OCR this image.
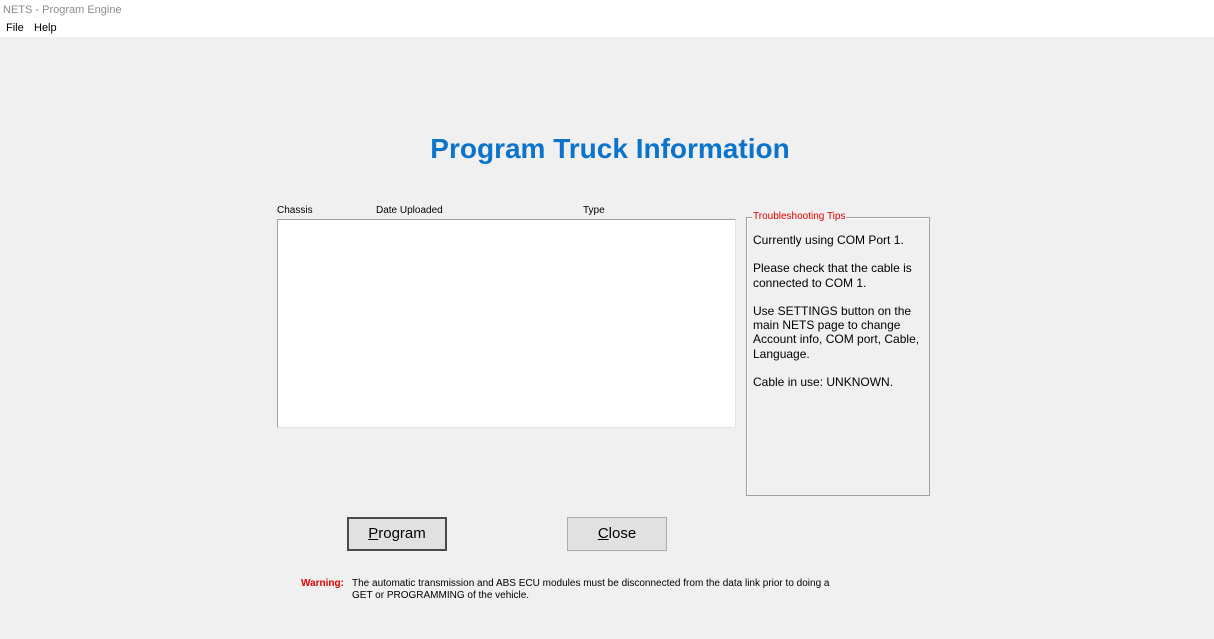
NETS - Program Engine
File Help
Program Truck Information
Chassis	Date Uploaded	Type
Troubleshooting Tips

Currently using COM Port 1.

Please check that the cable is connected to COM 1.

Use SETTINGS button on the main NETS page to change Account info, COM port, Cable, Language.

Cable in use: UNKNOWN.

Program	Close
Warning: The automatic transmission and ABS ECU modules must be disconnected from the data link prior to doing a GET or PROGRAMMING of the vehicle.
